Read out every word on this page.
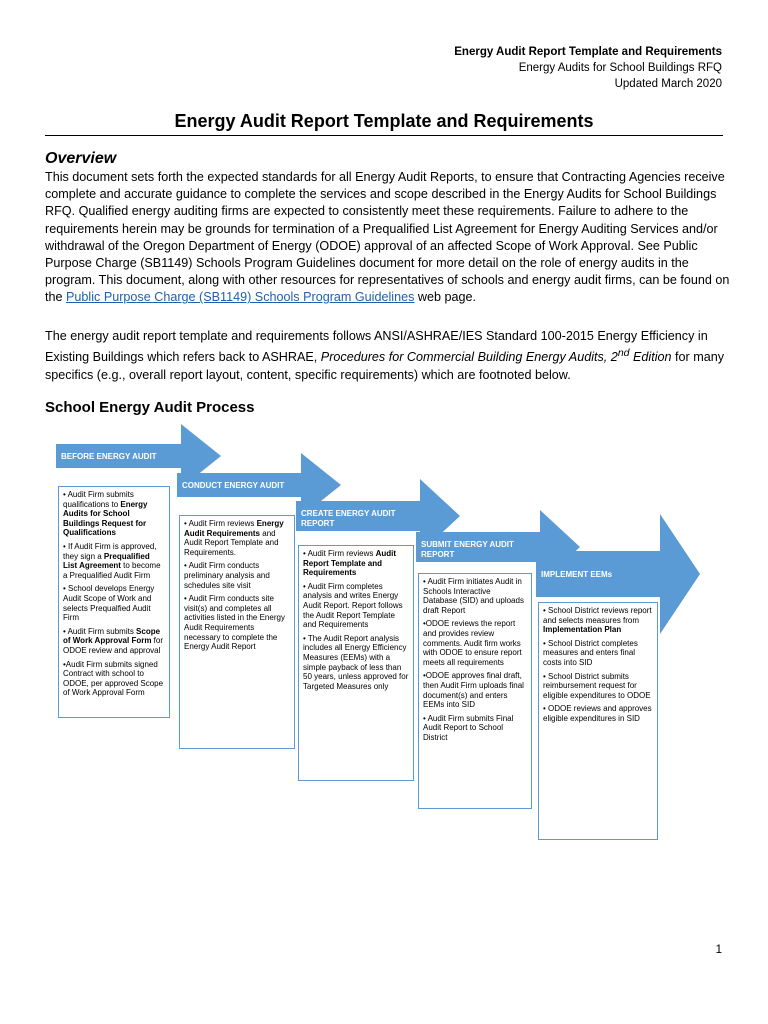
Energy Audit Report Template and Requirements
Energy Audits for School Buildings RFQ
Updated March 2020
Energy Audit Report Template and Requirements
Overview

This document sets forth the expected standards for all Energy Audit Reports, to ensure that Contracting Agencies receive complete and accurate guidance to complete the services and scope described in the Energy Audits for School Buildings RFQ. Qualified energy auditing firms are expected to consistently meet these requirements. Failure to adhere to the requirements herein may be grounds for termination of a Prequalified List Agreement for Energy Auditing Services and/or withdrawal of the Oregon Department of Energy (ODOE) approval of an affected Scope of Work Approval. See Public Purpose Charge (SB1149) Schools Program Guidelines document for more detail on the role of energy audits in the program. This document, along with other resources for representatives of schools and energy audit firms, can be found on the Public Purpose Charge (SB1149) Schools Program Guidelines web page.

The energy audit report template and requirements follows ANSI/ASHRAE/IES Standard 100-2015 Energy Efficiency in Existing Buildings which refers back to ASHRAE, Procedures for Commercial Building Energy Audits, 2nd Edition for many specifics (e.g., overall report layout, content, specific requirements) which are footnoted below.

School Energy Audit Process
BEFORE ENERGY AUDIT

• Audit Firm submits qualifications to Energy Audits for School Buildings Request for Qualifications

• If Audit Firm is approved, they sign a Prequalified List Agreement to become a Prequalified Audit Firm

• School develops Energy Audit Scope of Work and selects Prequalfied Audit Firm

• Audit Firm submits Scope of Work Approval Form for ODOE review and approval

•Audit Firm submits signed Contract with school to ODOE, per approved Scope of Work Approval Form

CONDUCT ENERGY AUDIT

• Audit Firm reviews Energy Audit Requirements and Audit Report Template and Requirements.

• Audit Firm conducts preliminary analysis and schedules site visit

• Audit Firm conducts site visit(s) and completes all activities listed in the Energy Audit Requirements necessary to complete the Energy Audit Report

CREATE ENERGY AUDIT REPORT

• Audit Firm reviews Audit Report Template and Requirements

• Audit Firm completes analysis and writes Energy Audit Report. Report follows the Audit Report Template and Requirements

• The Audit Report analysis includes all Energy Efficiency Measures (EEMs) with a simple payback of less than 50 years, unless approved for Targeted Measures only

SUBMIT ENERGY AUDIT REPORT

• Audit Firm initiates Audit in Schools Interactive Database (SID) and uploads draft Report

•ODOE reviews the report and provides review comments. Audit firm works with ODOE to ensure report meets all requirements

•ODOE approves final draft, then Audit Firm uploads final document(s) and enters EEMs into SID

• Audit Firm submits Final Audit Report to School District

IMPLEMENT EEMs

• School District reviews report and selects measures from Implementation Plan

• School District completes measures and enters final costs into SID

• School District submits reimbursement request for eligible expenditures to ODOE

• ODOE reviews and approves eligible expenditures in SID

1
